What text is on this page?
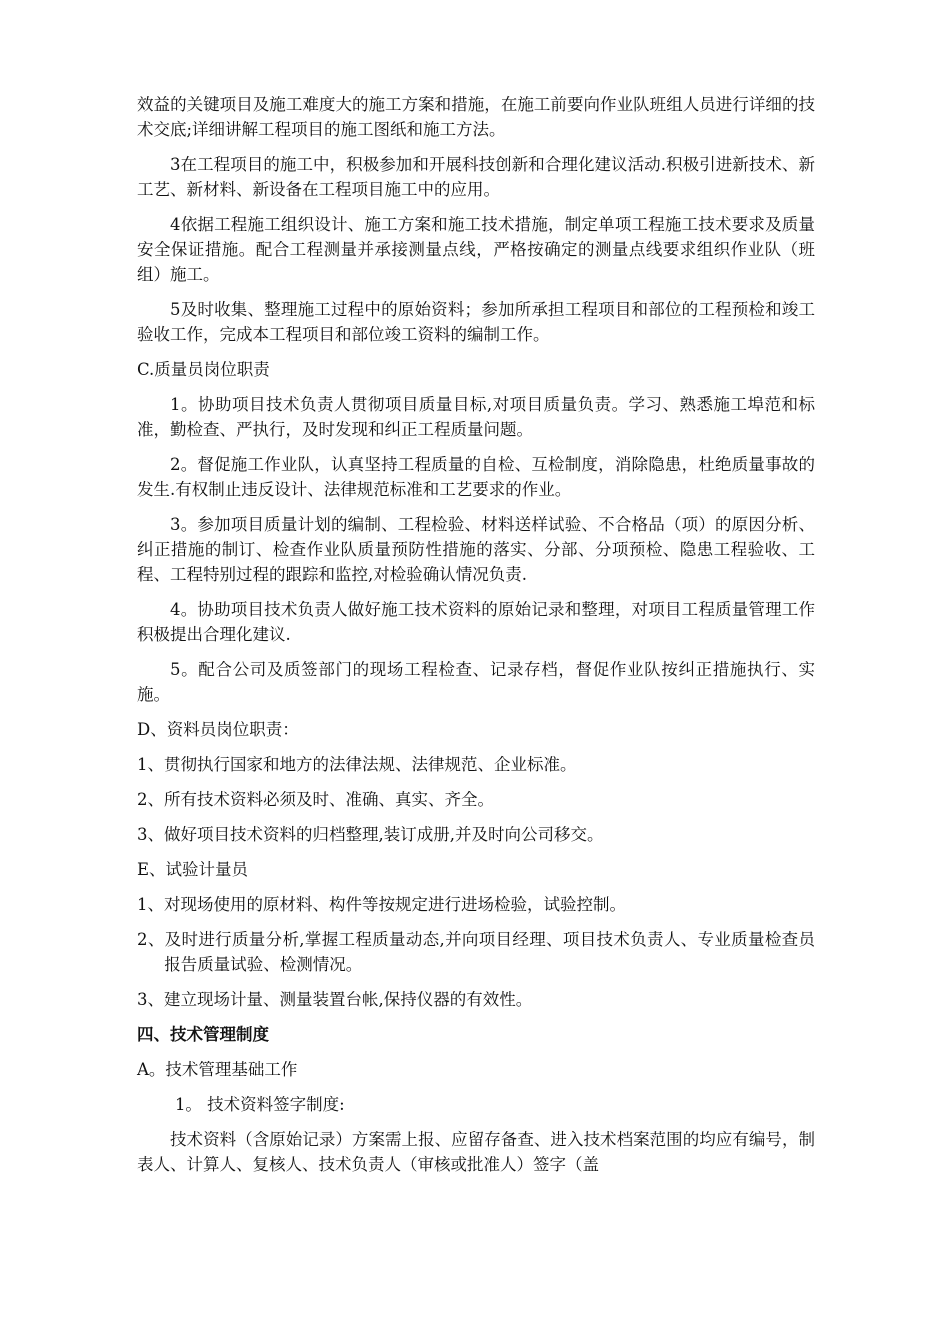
效益的关键项目及施工难度大的施工方案和措施，在施工前要向作业队班组人员进行详细的技术交底;详细讲解工程项目的施工图纸和施工方法。

3在工程项目的施工中，积极参加和开展科技创新和合理化建议活动.积极引进新技术、新工艺、新材料、新设备在工程项目施工中的应用。

4依据工程施工组织设计、施工方案和施工技术措施，制定单项工程施工技术要求及质量安全保证措施。配合工程测量并承接测量点线，严格按确定的测量点线要求组织作业队（班组）施工。

5及时收集、整理施工过程中的原始资料；参加所承担工程项目和部位的工程预检和竣工验收工作，完成本工程项目和部位竣工资料的编制工作。

C.质量员岗位职责

1。协助项目技术负责人贯彻项目质量目标,对项目质量负责。学习、熟悉施工埠范和标准，勤检查、严执行，及时发现和纠正工程质量问题。

2。督促施工作业队，认真坚持工程质量的自检、互检制度，消除隐患，杜绝质量事故的发生.有权制止违反设计、法律规范标准和工艺要求的作业。

3。参加项目质量计划的编制、工程检验、材料送样试验、不合格品（项）的原因分析、纠正措施的制订、检查作业队质量预防性措施的落实、分部、分项预检、隐患工程验收、工程、工程特别过程的跟踪和监控,对检验确认情况负责.

4。协助项目技术负责人做好施工技术资料的原始记录和整理，对项目工程质量管理工作积极提出合理化建议.

5。配合公司及质签部门的现场工程检查、记录存档，督促作业队按纠正措施执行、实施。

D、资料员岗位职责：

1、贯彻执行国家和地方的法律法规、法律规范、企业标准。

2、所有技术资料必须及时、准确、真实、齐全。

3、做好项目技术资料的归档整理,装订成册,并及时向公司移交。

E、试验计量员

1、对现场使用的原材料、构件等按规定进行进场检验，试验控制。

2、及时进行质量分析,掌握工程质量动态,并向项目经理、项目技术负责人、专业质量检查员报告质量试验、检测情况。

3、建立现场计量、测量装置台帐,保持仪器的有效性。

四、技术管理制度

A。技术管理基础工作

1。 技术资料签字制度:

技术资料（含原始记录）方案需上报、应留存备查、进入技术档案范围的均应有编号，制表人、计算人、复核人、技术负责人（审核或批准人）签字（盖
